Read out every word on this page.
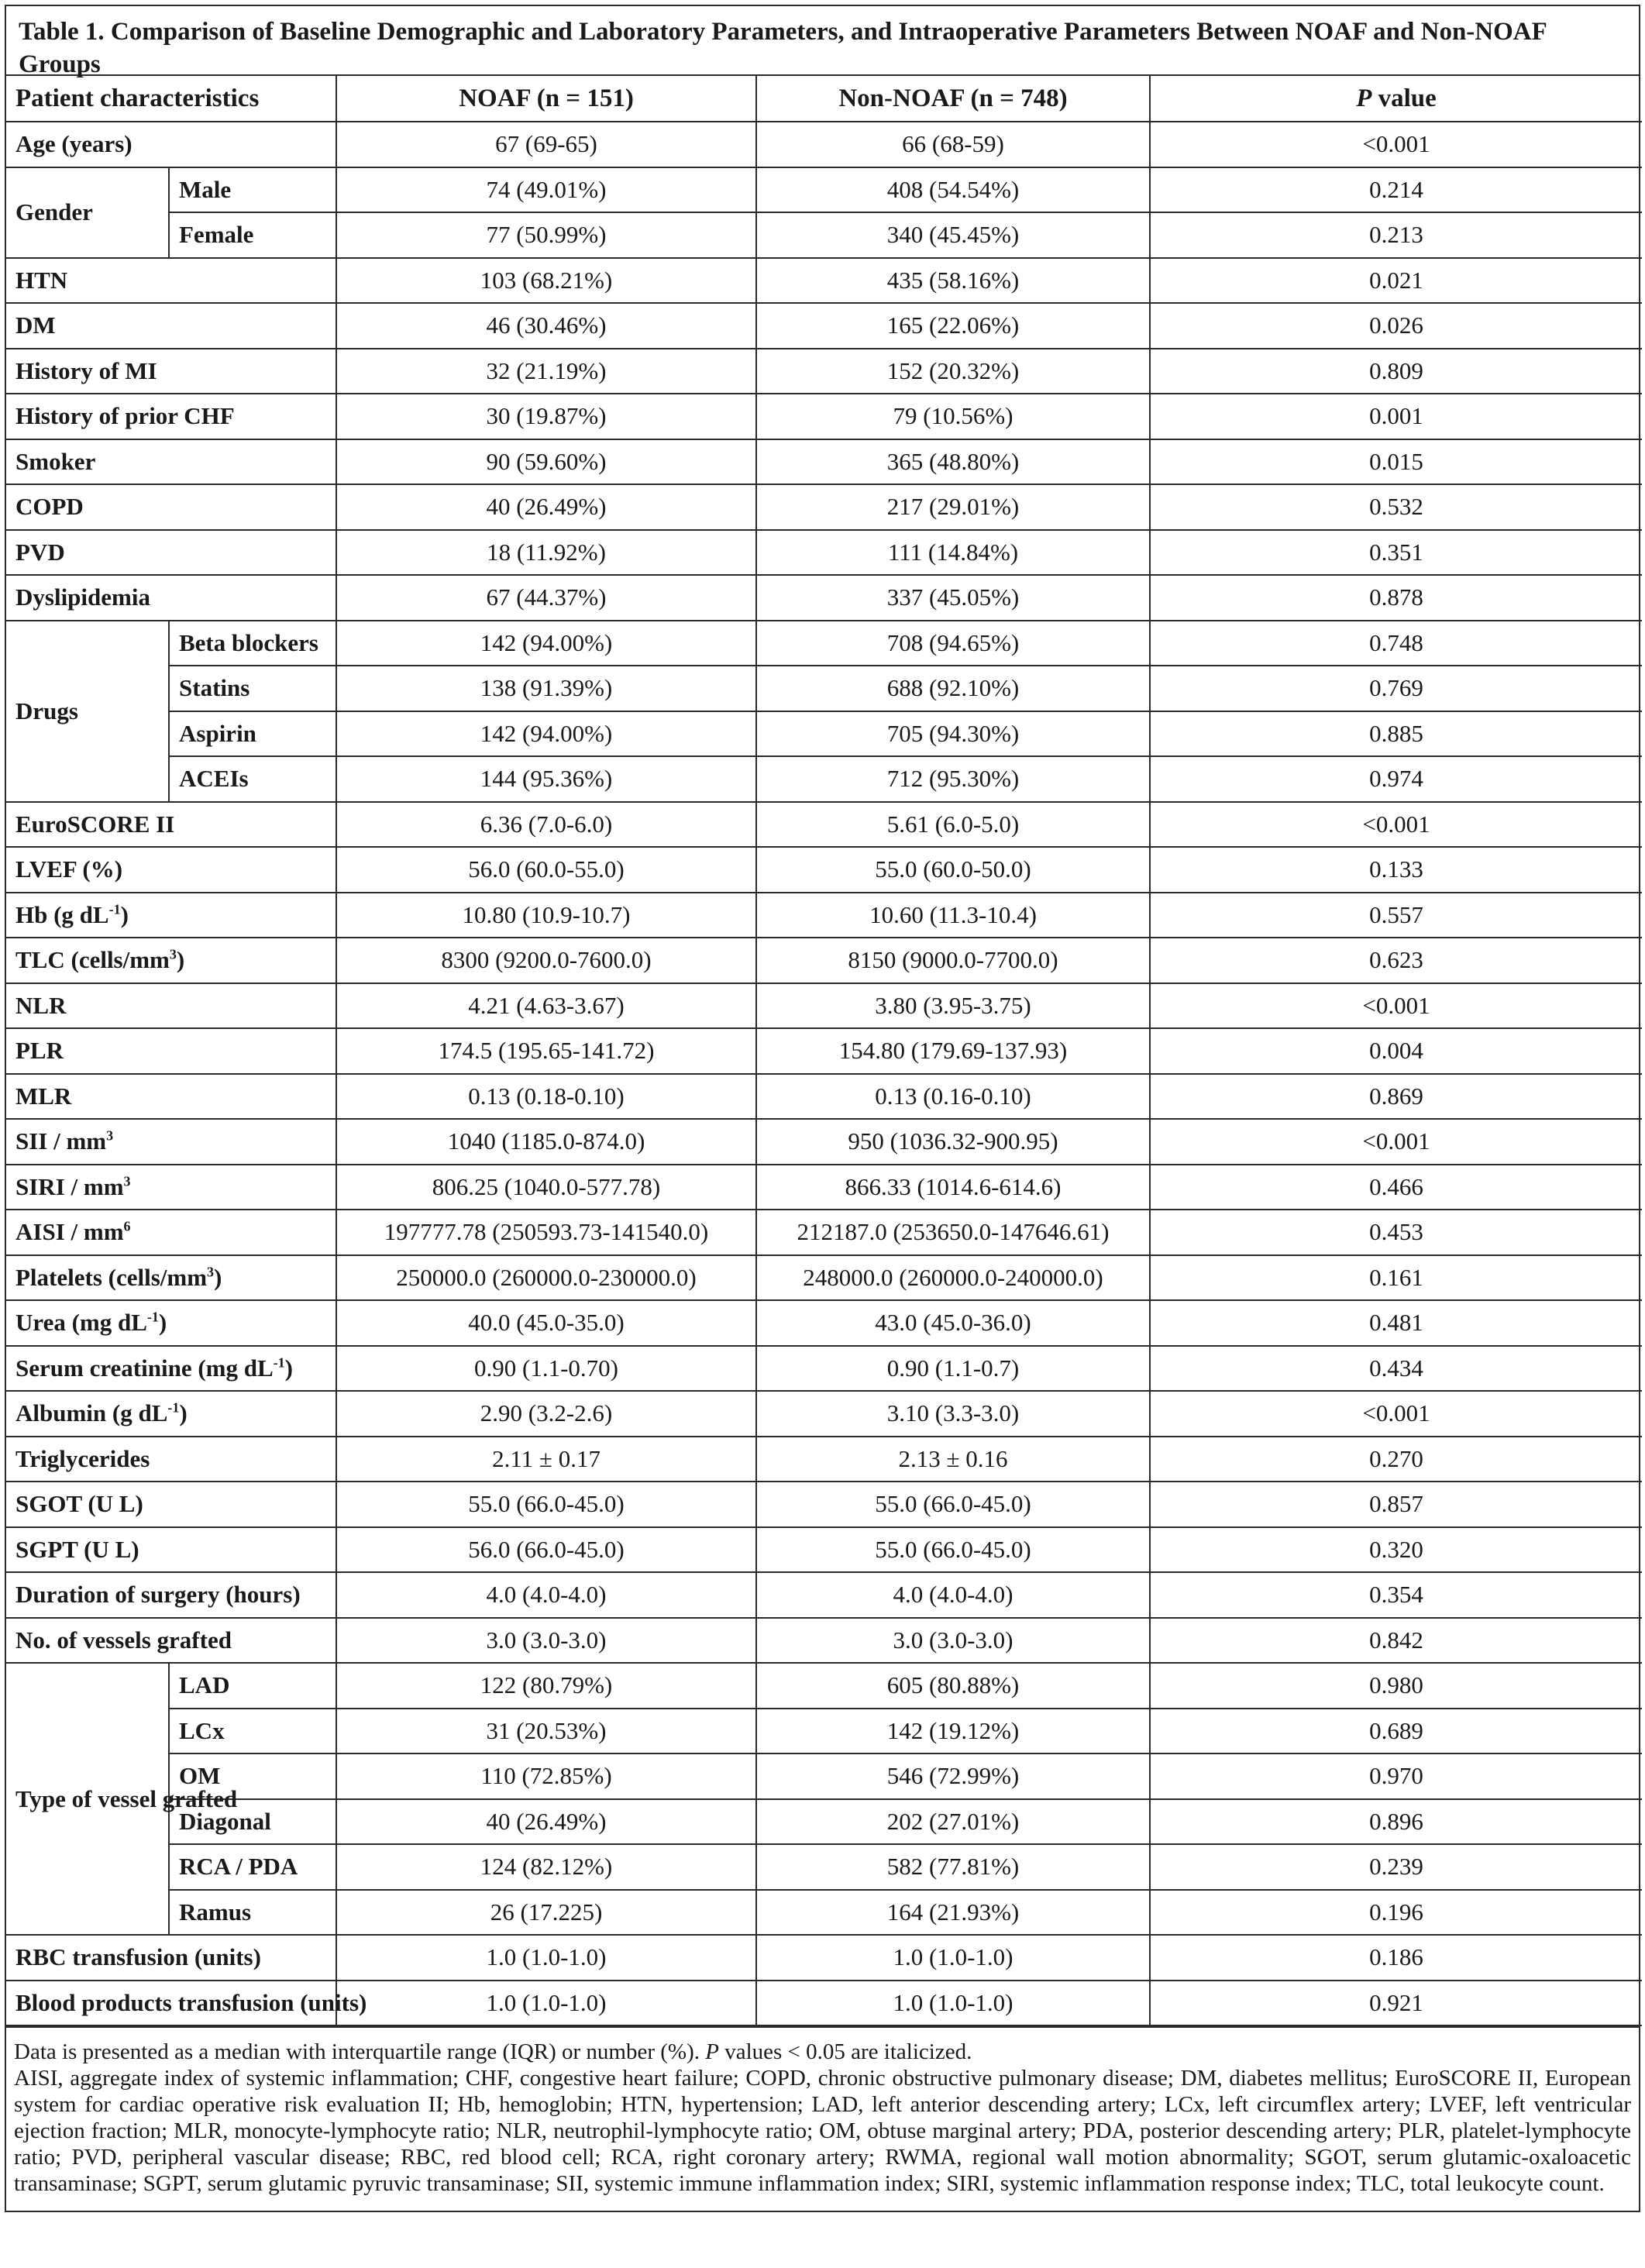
Table 1. Comparison of Baseline Demographic and Laboratory Parameters, and Intraoperative Parameters Between NOAF and Non-NOAF Groups
Patient characteristics		NOAF (n = 151)	Non-NOAF (n = 748)	P value
Age (years)		67 (69-65)	66 (68-59)	<0.001
Gender	Male	74 (49.01%)	408 (54.54%)	0.214
	Female	77 (50.99%)	340 (45.45%)	0.213
HTN		103 (68.21%)	435 (58.16%)	0.021
DM		46 (30.46%)	165 (22.06%)	0.026
History of MI		32 (21.19%)	152 (20.32%)	0.809
History of prior CHF		30 (19.87%)	79 (10.56%)	0.001
Smoker		90 (59.60%)	365 (48.80%)	0.015
COPD		40 (26.49%)	217 (29.01%)	0.532
PVD		18 (11.92%)	111 (14.84%)	0.351
Dyslipidemia		67 (44.37%)	337 (45.05%)	0.878
Drugs	Beta blockers	142 (94.00%)	708 (94.65%)	0.748
	Statins	138 (91.39%)	688 (92.10%)	0.769
	Aspirin	142 (94.00%)	705 (94.30%)	0.885
	ACEIs	144 (95.36%)	712 (95.30%)	0.974
EuroSCORE II		6.36 (7.0-6.0)	5.61 (6.0-5.0)	<0.001
LVEF (%)		56.0 (60.0-55.0)	55.0 (60.0-50.0)	0.133
Hb (g $dL^{-1}$)		10.80 (10.9-10.7)	10.60 (11.3-10.4)	0.557
TLC $(cells/mm^3)$		8300 (9200.0-7600.0)	8150 (9000.0-7700.0)	0.623
NLR		4.21 (4.63-3.67)	3.80 (3.95-3.75)	<0.001
PLR		174.5 (195.65-141.72)	154.80 (179.69-137.93)	0.004
MLR		0.13 (0.18-0.10)	0.13 (0.16-0.10)	0.869
SII / $mm^3$		1040 (1185.0-874.0)	950 (1036.32-900.95)	<0.001
SIRI / $mm^3$		806.25 (1040.0-577.78)	866.33 (1014.6-614.6)	0.466
AISI / $mm^6$		197777.78 (250593.73-141540.0)	212187.0 (253650.0-147646.61)	0.453
Platelets $(cells/mm^3)$		250000.0 (260000.0-230000.0)	248000.0 (260000.0-240000.0)	0.161
Urea (mg $dL^{-1}$)		40.0 (45.0-35.0)	43.0 (45.0-36.0)	0.481
Serum creatinine (mg $dL^{-1}$)		0.90 (1.1-0.70)	0.90 (1.1-0.7)	0.434
Albumin (g $dL^{-1}$)		2.90 (3.2-2.6)	3.10 (3.3-3.0)	<0.001
Triglycerides		2.11 ± 0.17	2.13 ± 0.16	0.270
SGOT (U L)		55.0 (66.0-45.0)	55.0 (66.0-45.0)	0.857
SGPT (U L)		56.0 (66.0-45.0)	55.0 (66.0-45.0)	0.320
Duration of surgery (hours)		4.0 (4.0-4.0)	4.0 (4.0-4.0)	0.354
No. of vessels grafted		3.0 (3.0-3.0)	3.0 (3.0-3.0)	0.842
Type of vessel grafted	LAD	122 (80.79%)	605 (80.88%)	0.980
	LCx	31 (20.53%)	142 (19.12%)	0.689
	OM	110 (72.85%)	546 (72.99%)	0.970
	Diagonal	40 (26.49%)	202 (27.01%)	0.896
	RCA / PDA	124 (82.12%)	582 (77.81%)	0.239
	Ramus	26 (17.225)	164 (21.93%)	0.196
RBC transfusion (units)		1.0 (1.0-1.0)	1.0 (1.0-1.0)	0.186
Blood products transfusion (units)		1.0 (1.0-1.0)	1.0 (1.0-1.0)	0.921

Data is presented as a median with interquartile range (IQR) or number (%). P values < 0.05 are italicized.

AISI, aggregate index of systemic inflammation; CHF, congestive heart failure; COPD, chronic obstructive pulmonary disease; DM, diabetes mellitus; EuroSCORE II, European system for cardiac operative risk evaluation II; Hb, hemoglobin; HTN, hypertension; LAD, left anterior descending artery; LCx, left circumflex artery; LVEF, left ventricular ejection fraction; MLR, monocyte-lymphocyte ratio; NLR, neutrophil-lymphocyte ratio; OM, obtuse marginal artery; PDA, posterior descending artery; PLR, platelet-lymphocyte ratio; PVD, peripheral vascular disease; RBC, red blood cell; RCA, right coronary artery; RWMA, regional wall motion abnormality; SGOT, serum glutamic-oxaloacetic transaminase; SGPT, serum glutamic pyruvic transaminase; SII, systemic immune inflammation index; SIRI, systemic inflammation response index; TLC, total leukocyte count.
